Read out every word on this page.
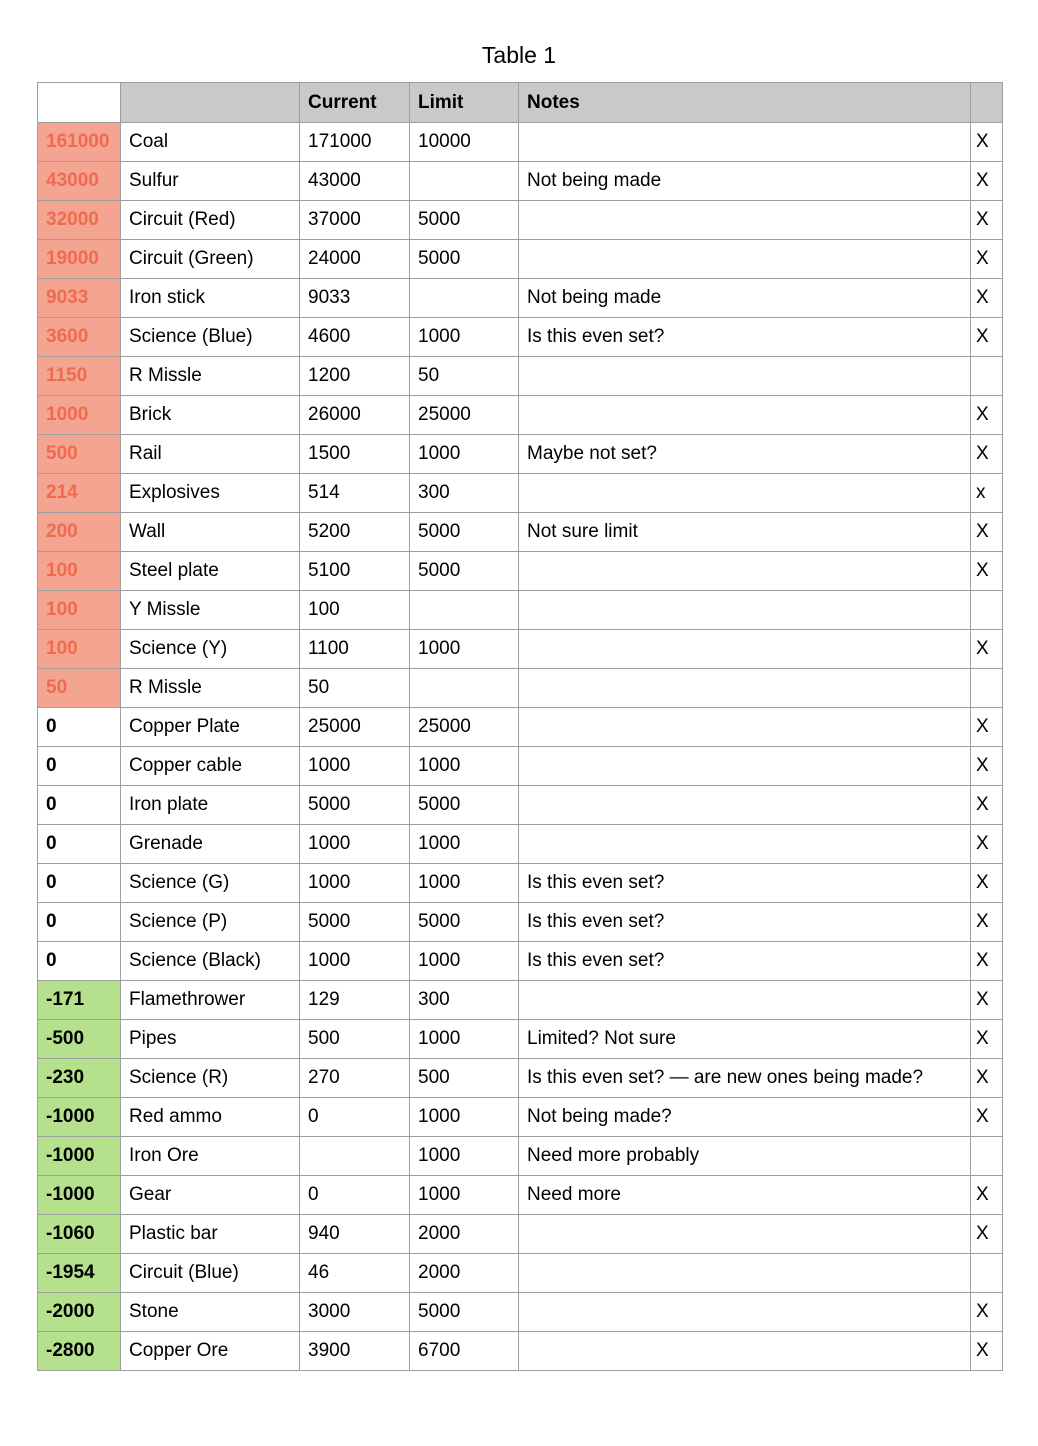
Table 1
		Current	Limit	Notes	
161000	Coal	171000	10000		X
43000	Sulfur	43000		Not being made	X
32000	Circuit (Red)	37000	5000		X
19000	Circuit (Green)	24000	5000		X
9033	Iron stick	9033		Not being made	X
3600	Science (Blue)	4600	1000	Is this even set?	X
1150	R Missle	1200	50		
1000	Brick	26000	25000		X
500	Rail	1500	1000	Maybe not set?	X
214	Explosives	514	300		x
200	Wall	5200	5000	Not sure limit	X
100	Steel plate	5100	5000		X
100	Y Missle	100			
100	Science (Y)	1100	1000		X
50	R Missle	50			
0	Copper Plate	25000	25000		X
0	Copper cable	1000	1000		X
0	Iron plate	5000	5000		X
0	Grenade	1000	1000		X
0	Science (G)	1000	1000	Is this even set?	X
0	Science (P)	5000	5000	Is this even set?	X
0	Science (Black)	1000	1000	Is this even set?	X
-171	Flamethrower	129	300		X
-500	Pipes	500	1000	Limited? Not sure	X
-230	Science (R)	270	500	Is this even set? — are new ones being made?	X
-1000	Red ammo	0	1000	Not being made?	X
-1000	Iron Ore		1000	Need more probably	
-1000	Gear	0	1000	Need more	X
-1060	Plastic bar	940	2000		X
-1954	Circuit (Blue)	46	2000		
-2000	Stone	3000	5000		X
-2800	Copper Ore	3900	6700		X
